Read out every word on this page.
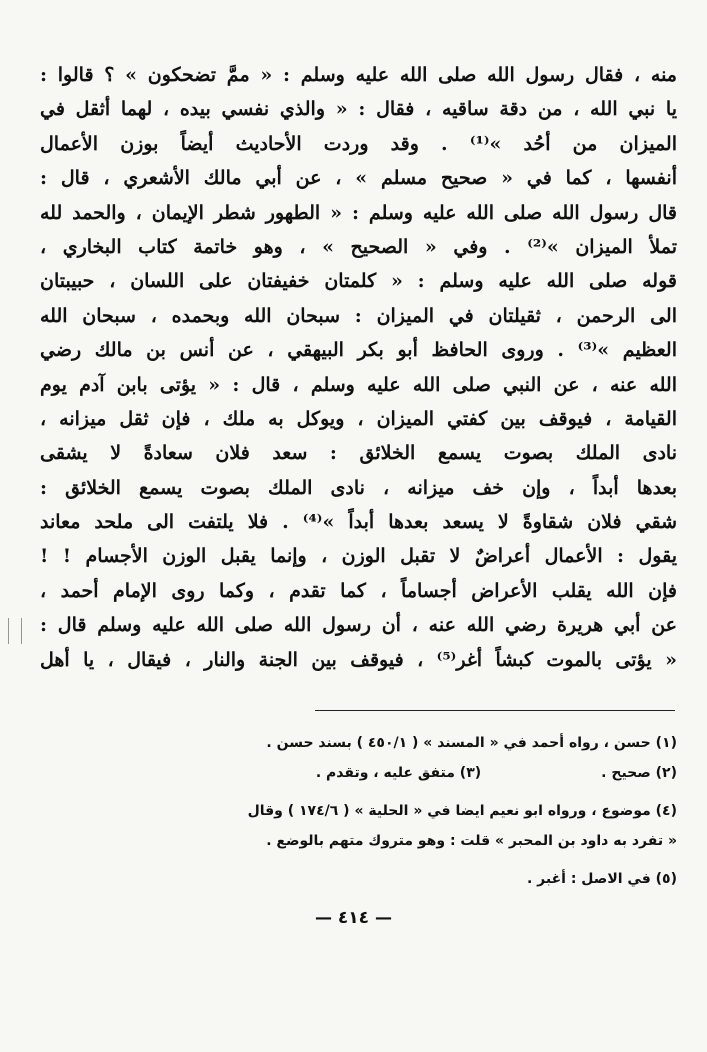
منه ، فقال رسول الله صلى الله عليه وسلم : « ممَّ تضحكون » ؟ قالوا :
يا نبي الله ، من دقة ساقيه ، فقال : « والذي نفسي بيده ، لهما أثقل في
الميزان من أحُد »⁽¹⁾ . وقد وردت الأحاديث أيضاً بوزن الأعمال
أنفسها ، كما في « صحيح مسلم » ، عن أبي مالك الأشعري ، قال :
قال رسول الله صلى الله عليه وسلم : « الطهور شطر الإيمان ، والحمد لله
تملأ الميزان »⁽²⁾ . وفي « الصحيح » ، وهو خاتمة كتاب البخاري ،
قوله صلى الله عليه وسلم : « كلمتان خفيفتان على اللسان ، حبيبتان
الى الرحمن ، ثقيلتان في الميزان : سبحان الله وبحمده ، سبحان الله
العظيم »⁽³⁾ . وروى الحافظ أبو بكر البيهقي ، عن أنس بن مالك رضي
الله عنه ، عن النبي صلى الله عليه وسلم ، قال : « يؤتى بابن آدم يوم
القيامة ، فيوقف بين كفتي الميزان ، ويوكل به ملك ، فإن ثقل ميزانه ،
نادى الملك بصوت يسمع الخلائق : سعد فلان سعادةً لا يشقى
بعدها أبداً ، وإن خف ميزانه ، نادى الملك بصوت يسمع الخلائق :
شقي فلان شقاوةً لا يسعد بعدها أبداً »⁽⁴⁾ . فلا يلتفت الى ملحد معاند
يقول : الأعمال أعراضٌ لا تقبل الوزن ، وإنما يقبل الوزن الأجسام ! !
فإن الله يقلب الأعراض أجساماً ، كما تقدم ، وكما روى الإمام أحمد ،
عن أبي هريرة رضي الله عنه ، أن رسول الله صلى الله عليه وسلم قال :
« يؤتى بالموت كبشاً أغر⁽⁵⁾ ، فيوقف بين الجنة والنار ، فيقال ، يا أهل
(١) حسن ، رواه أحمد في « المسند » ( ٤٥٠/١ ) بسند حسن .
(٢) صحيح .
(٣) متفق عليه ، وتقدم .
(٤) موضوع ، ورواه ابو نعيم ايضا في « الحلية » ( ١٧٤/٦ ) وقال
« تفرد به داود بن المحبر » قلت : وهو متروك متهم بالوضع .
(٥) في الاصل : أغبر .
— ٤١٤ —
